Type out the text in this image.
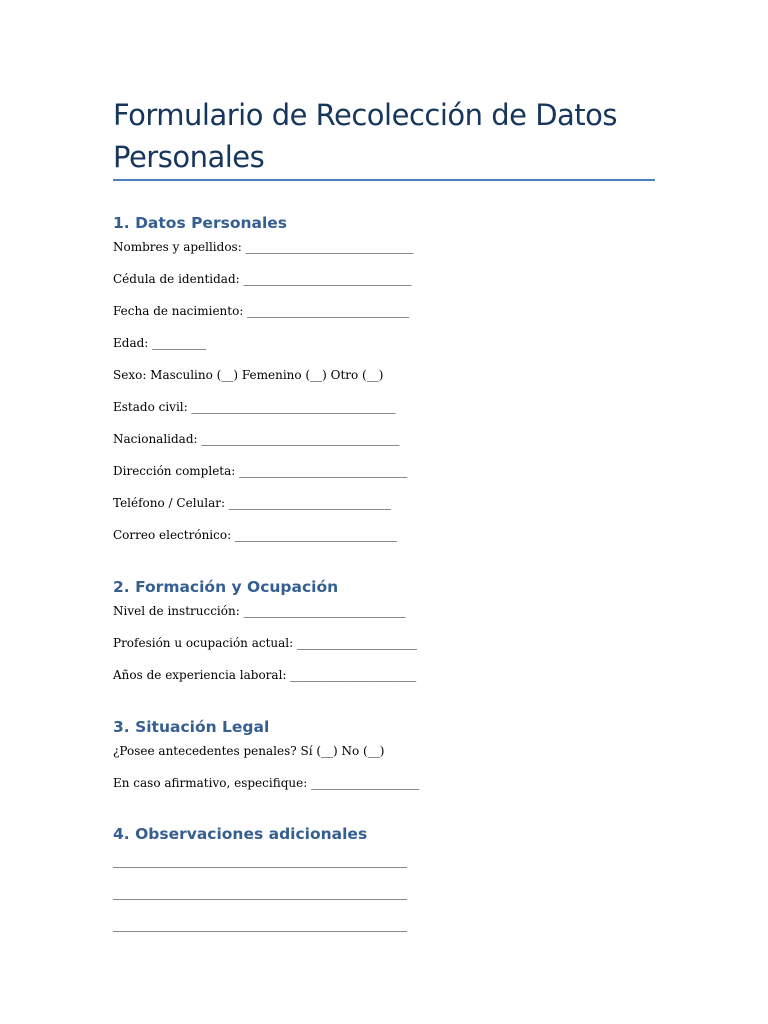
Formulario de Recolección de Datos Personales
1. Datos Personales
Nombres y apellidos: ____________________________
Cédula de identidad: ____________________________
Fecha de nacimiento: ___________________________
Edad: _________
Sexo: Masculino (__) Femenino (__) Otro (__)
Estado civil: __________________________________
Nacionalidad: _________________________________
Dirección completa: ____________________________
Teléfono / Celular: ___________________________
Correo electrónico: ___________________________
2. Formación y Ocupación
Nivel de instrucción: ___________________________
Profesión u ocupación actual: ____________________
Años de experiencia laboral: _____________________
3. Situación Legal
¿Posee antecedentes penales? Sí (__) No (__)
En caso afirmativo, especifique: __________________
4. Observaciones adicionales
_________________________________________________
_________________________________________________
_________________________________________________
